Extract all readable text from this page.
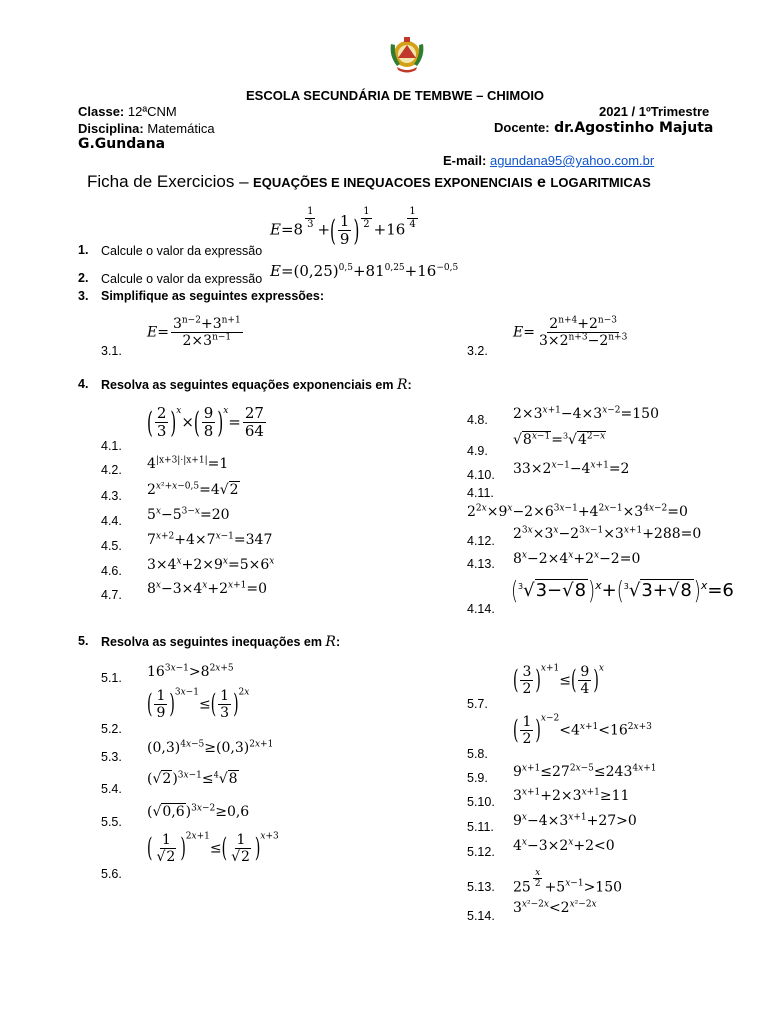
ESCOLA SECUNDÁRIA DE TEMBWE – CHIMOIO
Classe: 12ªCNM	2021 / 1ºTrimestre
Disciplina: Matemática	Docente: dr.Agostinho Majuta
G.Gundana
E-mail: agundana95@yahoo.com.br
Ficha de Exercicios – EQUAÇÕES E INEQUACOES EXPONENCIAIS e LOGARITMICAS
E=8 $^{\frac{1}{3}}$ +( $\frac{1}{9}$ ) $^{\frac{1}{2}}$ +16 $^{\frac{1}{4}}$
1. Calcule o valor da expressão
2. Calcule o valor da expressão $E=(0,25)^{0,5}+81^{0,25}+16^{-0,5}$
3. Simplifique as seguintes expressões:
3.1.
$E= \frac{3^{n-2}+3^{n+1}}{2\times 3^{n-1}}$
3.2.
$E= \frac{2^{n+4}+2^{n-3}}{3\times 2^{n+3}-2^{n+3}}$
4. Resolva as seguintes equações exponenciais em R:
4.1.
( $\frac{2}{3} )^x\times( \frac{9}{8} )^x= \frac{27}{64}$
4.2. $4^{|x+3|\cdot|x+1|}=1$
4.3. $2^{x^2+x-0,5}=4√2$
4.4. $5^x-5^{3-x}=20$
4.5. $7^{x+2}+4\times 7^{x-1}=347$
4.6. $3\times 4^x+2\times 9^x=5\times 6^x$
4.7. $8^x-3\times 4^x+2^{x+1}=0$
4.8. $2\times 3^{x+1}-4\times 3^{x-2}=150$
4.9.
$√8^{x-1}=^3√4^{2-x}$
4.10. $33\times 2^{x-1}-4^{x+1}=2$
4.11.
$2^{2x}\times 9^x-2\times 6^{3x-1}+4^{2x-1}\times 3^{4x-2}=0$
4.12. $2^{3x}\times 3^x-2^{3x-1}\times 3^{x+1}+288=0$
4.13. $8^x-2\times 4^x+2^x-2=0$
4.14.
($^3$√3−√8 )$^x$+($^3$√3+√8 )$^x$=6
5. Resolva as seguintes inequações em R:
5.1. $16^{3x-1}>8^{2x+5}$
5.2.
( $\frac{1}{9} )^{3x-1}\le( \frac{1}{3} )^{2x}$
5.3.
$(0,3)^{4x-5}\ge(0,3)^{2x+1}$
5.4.
$(√2)^{3x-1}\le^4√8$
5.5.
$(√0,6)^{3x-2}\ge 0,6$
5.6.
( $\frac{1}{√2} )^{2x+1}\le( \frac{1}{√2} )^{x+3}$
5.7.
( $\frac{3}{2} )^{x+1}\le( \frac{9}{4} )^x$
5.8.
( $\frac{1}{2} )^{x-2}<4^{x+1}<16^{2x+3}$
5.9. $9^{x+1}\le 27^{2x-5}\le 243^{4x+1}$
5.10. $3^{x+1}+2\times 3^{x+1}\ge 11$
5.11. $9^x-4\times 3^{x+1}+27>0$
5.12. $4^x-3\times 2^x+2<0$
5.13. 25 $^{\frac{x}{2}} +5^{x-1}>150$
5.14. $3^{x^2-2x}<2^{x^2-2x}$
